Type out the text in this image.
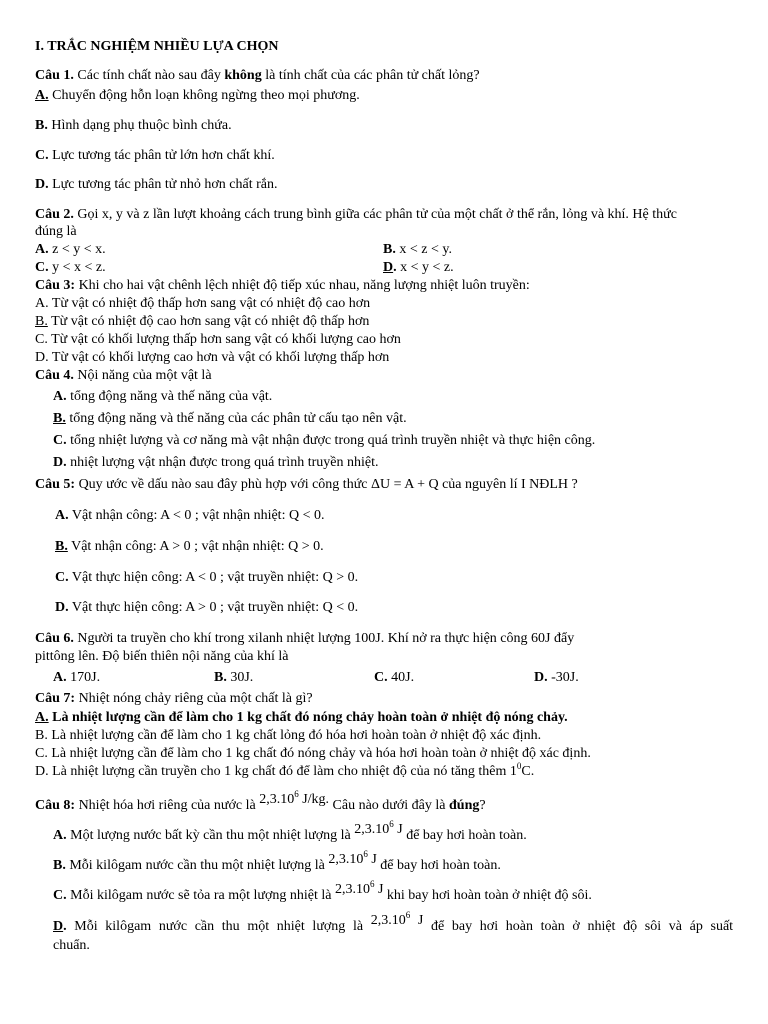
I. TRẮC NGHIỆM NHIỀU LỰA CHỌN
Câu 1. Các tính chất nào sau đây không là tính chất của các phân tử chất lỏng?
A. Chuyển động hỗn loạn không ngừng theo mọi phương.
B. Hình dạng phụ thuộc bình chứa.
C. Lực tương tác phân tử lớn hơn chất khí.
D. Lực tương tác phân tử nhỏ hơn chất rắn.
Câu 2. Gọi x, y và z lần lượt khoảng cách trung bình giữa các phân tử của một chất ở thể rắn, lỏng và khí. Hệ thức
đúng là
A. z < y < x.	B. x < z < y.
C. y < x < z.	D. x < y < z.
Câu 3: Khi cho hai vật chênh lệch nhiệt độ tiếp xúc nhau, năng lượng nhiệt luôn truyền:
A. Từ vật có nhiệt độ thấp hơn sang vật có nhiệt độ cao hơn
B. Từ vật có nhiệt độ cao hơn sang vật có nhiệt độ thấp hơn
C. Từ vật có khối lượng thấp hơn sang vật có khối lượng cao hơn
D. Từ vật có khối lượng cao hơn và vật có khối lượng thấp hơn
Câu 4. Nội năng của một vật là
A. tổng động năng và thế năng của vật.
B. tổng động năng và thế năng của các phân tử cấu tạo nên vật.
C. tổng nhiệt lượng và cơ năng mà vật nhận được trong quá trình truyền nhiệt và thực hiện công.
D. nhiệt lượng vật nhận được trong quá trình truyền nhiệt.
Câu 5: Quy ước về dấu nào sau đây phù hợp với công thức ΔU = A + Q của nguyên lí I NĐLH ?
A. Vật nhận công: A < 0 ; vật nhận nhiệt: Q < 0.
B. Vật nhận công: A > 0 ; vật nhận nhiệt: Q > 0.
C. Vật thực hiện công: A < 0 ; vật truyền nhiệt: Q > 0.
D. Vật thực hiện công: A > 0 ; vật truyền nhiệt: Q < 0.
Câu 6. Người ta truyền cho khí trong xilanh nhiệt lượng 100J. Khí nở ra thực hiện công 60J đẩy
pittông lên. Độ biến thiên nội năng của khí là
A. 170J.	B. 30J.	C. 40J.	D. -30J.
Câu 7: Nhiệt nóng chảy riêng của một chất là gì?
A. Là nhiệt lượng cần để làm cho 1 kg chất đó nóng chảy hoàn toàn ở nhiệt độ nóng chảy.
B. Là nhiệt lượng cần để làm cho 1 kg chất lỏng đó hóa hơi hoàn toàn ở nhiệt độ xác định.
C. Là nhiệt lượng cần để làm cho 1 kg chất đó nóng chảy và hóa hơi hoàn toàn ở nhiệt độ xác định.
D. Là nhiệt lượng cần truyền cho 1 kg chất đó để làm cho nhiệt độ của nó tăng thêm $1^0C$.
Câu 8: Nhiệt hóa hơi riêng của nước là 2,3.10$^6$ J/kg. Câu nào dưới đây là đúng?
A. Một lượng nước bất kỳ cần thu một nhiệt lượng là 2,3.10$^6$ J để bay hơi hoàn toàn.
B. Mỗi kilôgam nước cần thu một nhiệt lượng là 2,3.10$^6$ J để bay hơi hoàn toàn.
C. Mỗi kilôgam nước sẽ tỏa ra một lượng nhiệt là 2,3.10$^6$ J khi bay hơi hoàn toàn ở nhiệt độ sôi.
D. Mỗi kilôgam nước cần thu một nhiệt lượng là 2,3.10$^6$ J để bay hơi hoàn toàn ở nhiệt độ sôi và áp suất
chuẩn.
